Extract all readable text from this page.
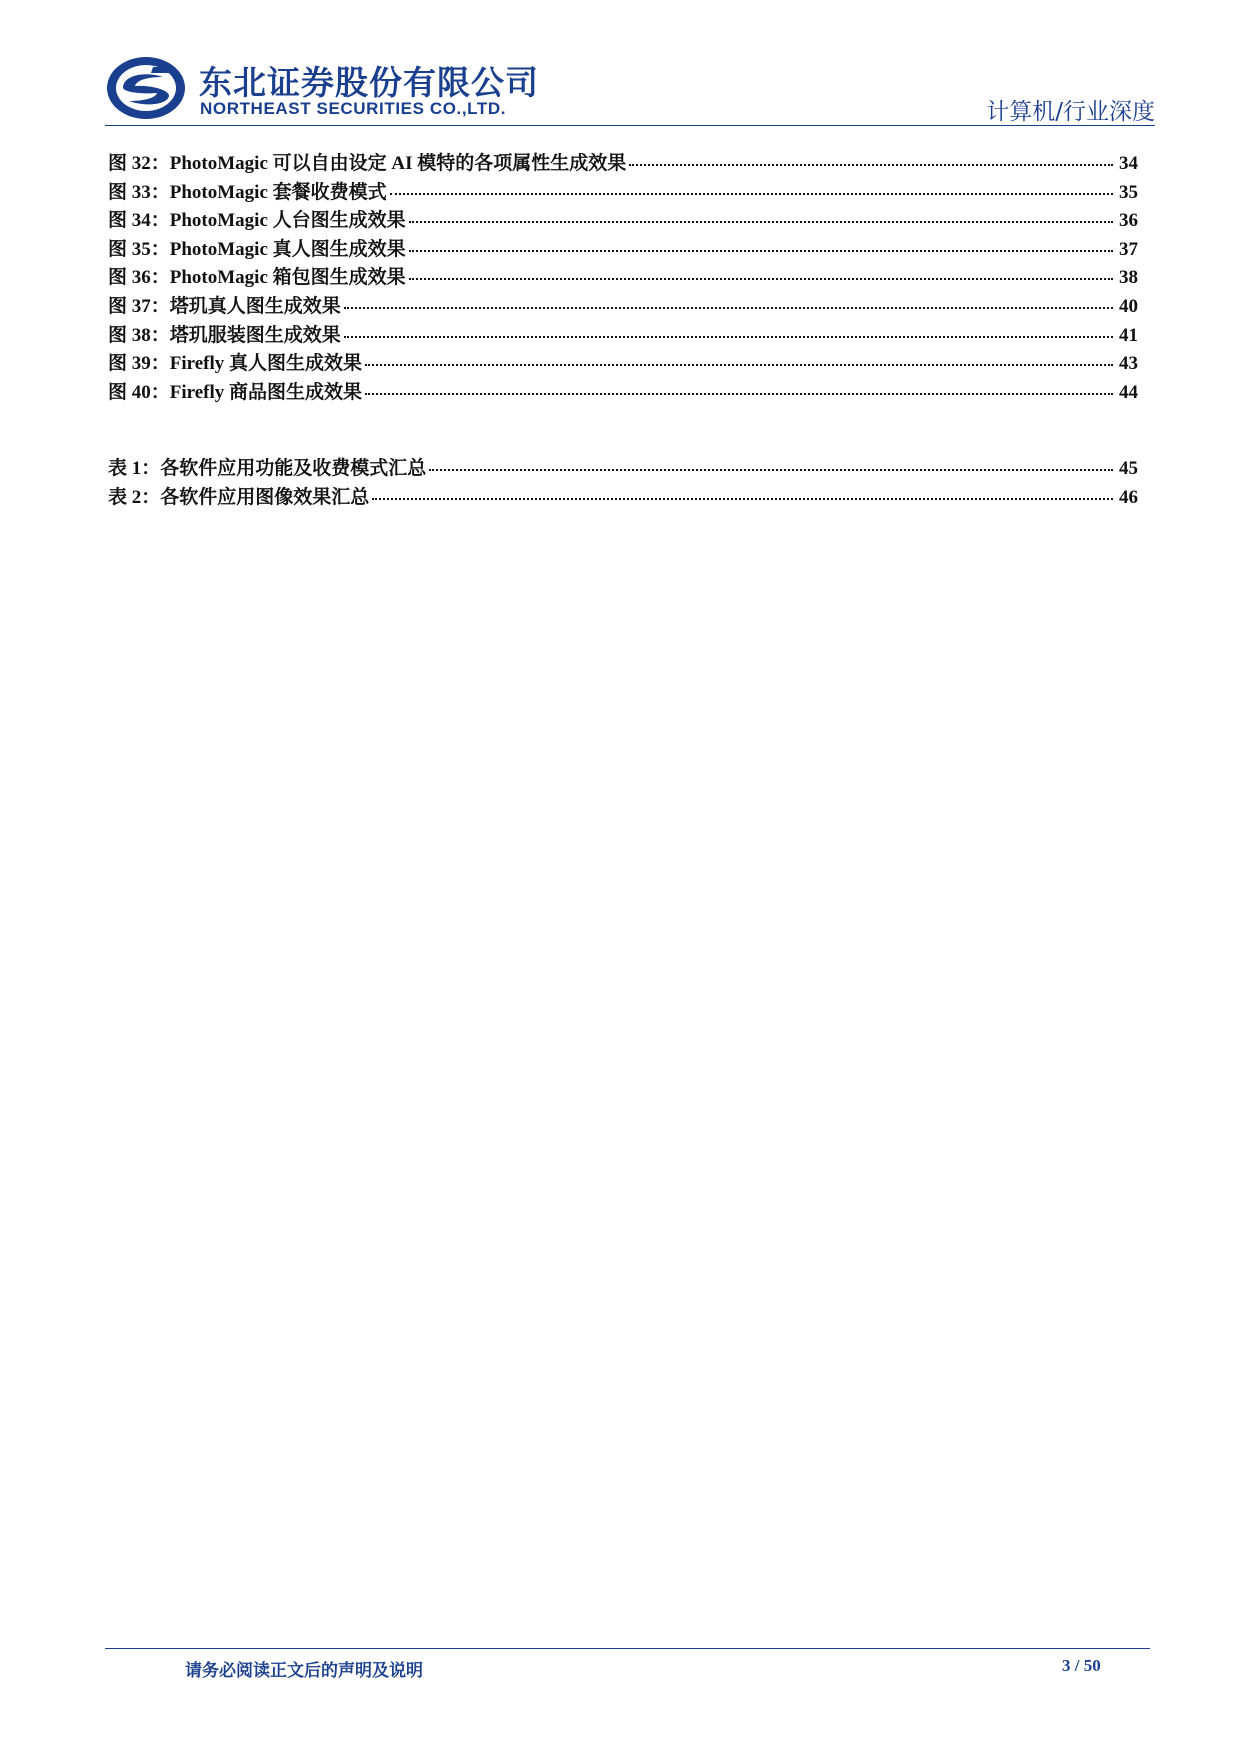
东北证券股份有限公司
NORTHEAST SECURITIES CO.,LTD.	计算机/行业深度
图 32：PhotoMagic 可以自由设定 AI 模特的各项属性生成效果	34
图 33：PhotoMagic 套餐收费模式	35
图 34：PhotoMagic 人台图生成效果	36
图 35：PhotoMagic 真人图生成效果	37
图 36：PhotoMagic 箱包图生成效果	38
图 37：塔玑真人图生成效果	40
图 38：塔玑服装图生成效果	41
图 39：Firefly 真人图生成效果	43
图 40：Firefly 商品图生成效果	44
表 1：各软件应用功能及收费模式汇总	45
表 2：各软件应用图像效果汇总	46
请务必阅读正文后的声明及说明	3 / 50
